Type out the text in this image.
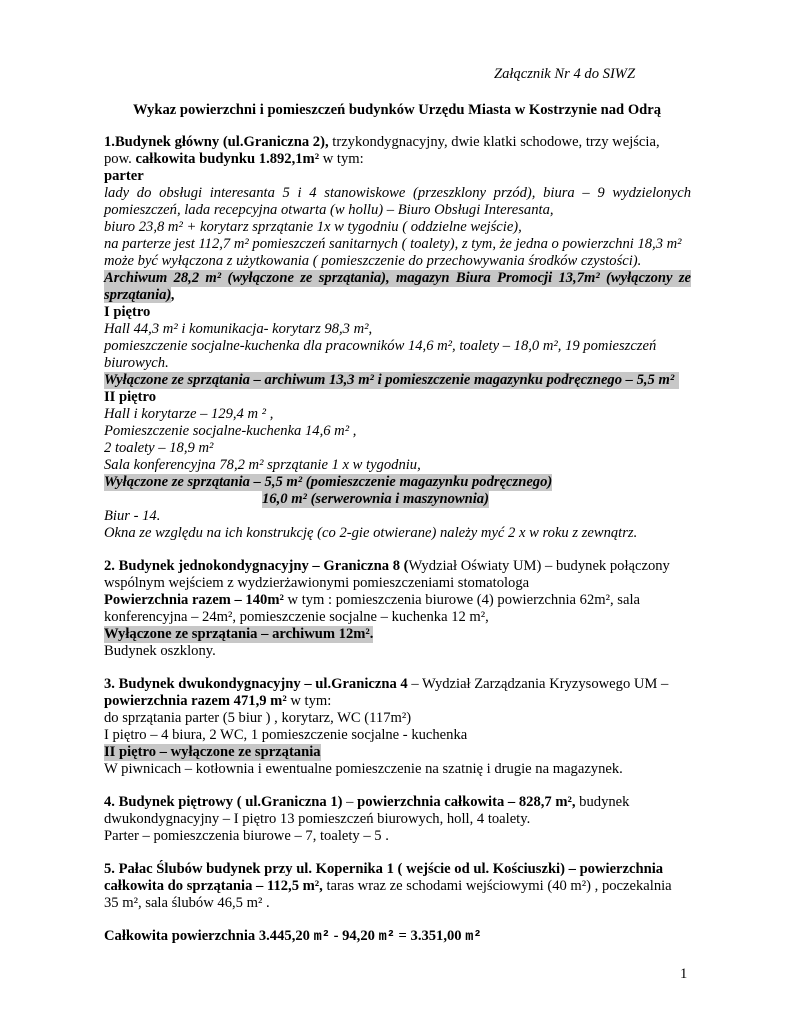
Załącznik Nr 4 do SIWZ
Wykaz powierzchni i pomieszczeń budynków Urzędu Miasta w Kostrzynie nad Odrą
1.Budynek główny (ul.Graniczna 2), trzykondygnacyjny, dwie klatki schodowe, trzy wejścia,
pow. całkowita budynku 1.892,1m² w tym:
parter
lady do obsługi interesanta 5 i 4 stanowiskowe (przeszklony przód), biura – 9 wydzielonych
pomieszczeń, lada recepcyjna otwarta (w hollu) – Biuro Obsługi Interesanta,
biuro 23,8 m² + korytarz sprzątanie 1x w tygodniu ( oddzielne wejście),
na parterze jest 112,7 m² pomieszczeń sanitarnych ( toalety), z tym, że jedna o powierzchni 18,3 m²
może być wyłączona z użytkowania ( pomieszczenie do przechowywania środków czystości).
Archiwum 28,2 m² (wyłączone ze sprzątania), magazyn Biura Promocji 13,7m² (wyłączony ze
sprzątania),
I piętro
Hall 44,3 m² i komunikacja- korytarz 98,3 m²,
pomieszczenie socjalne-kuchenka dla pracowników 14,6 m², toalety – 18,0 m², 19 pomieszczeń
biurowych.
Wyłączone ze sprzątania – archiwum 13,3 m² i pomieszczenie magazynku podręcznego – 5,5 m²
II piętro
Hall i korytarze – 129,4 m ² ,
Pomieszczenie socjalne-kuchenka 14,6 m² ,
2 toalety – 18,9 m²
Sala konferencyjna 78,2 m² sprzątanie 1 x w tygodniu,
Wyłączone ze sprzątania – 5,5 m² (pomieszczenie magazynku podręcznego)
16,0 m² (serwerownia i maszynownia)
Biur - 14.
Okna ze względu na ich konstrukcję (co 2-gie otwierane) należy myć 2 x w roku z zewnątrz.
2. Budynek jednokondygnacyjny – Graniczna 8 (Wydział Oświaty UM) – budynek połączony
wspólnym wejściem z wydzierżawionymi pomieszczeniami stomatologa
Powierzchnia razem – 140m² w tym : pomieszczenia biurowe (4) powierzchnia 62m², sala
konferencyjna – 24m², pomieszczenie socjalne – kuchenka 12 m²,
Wyłączone ze sprzątania – archiwum 12m².
Budynek oszklony.
3. Budynek dwukondygnacyjny – ul.Graniczna 4 – Wydział Zarządzania Kryzysowego UM –
powierzchnia razem 471,9 m² w tym:
do sprzątania parter (5 biur ) , korytarz, WC (117m²)
I piętro – 4 biura, 2 WC, 1 pomieszczenie socjalne - kuchenka
II piętro – wyłączone ze sprzątania
W piwnicach – kotłownia i ewentualne pomieszczenie na szatnię i drugie na magazynek.
4. Budynek piętrowy ( ul.Graniczna 1) – powierzchnia całkowita – 828,7 m², budynek
dwukondygnacyjny – I piętro 13 pomieszczeń biurowych, holl, 4 toalety.
Parter – pomieszczenia biurowe – 7, toalety – 5 .
5. Pałac Ślubów budynek przy ul. Kopernika 1 ( wejście od ul. Kościuszki) – powierzchnia
całkowita do sprzątania – 112,5 m², taras wraz ze schodami wejściowymi (40 m²) , poczekalnia
35 m², sala ślubów 46,5 m² .
Całkowita powierzchnia 3.445,20 m² - 94,20 m² = 3.351,00 m²
1
